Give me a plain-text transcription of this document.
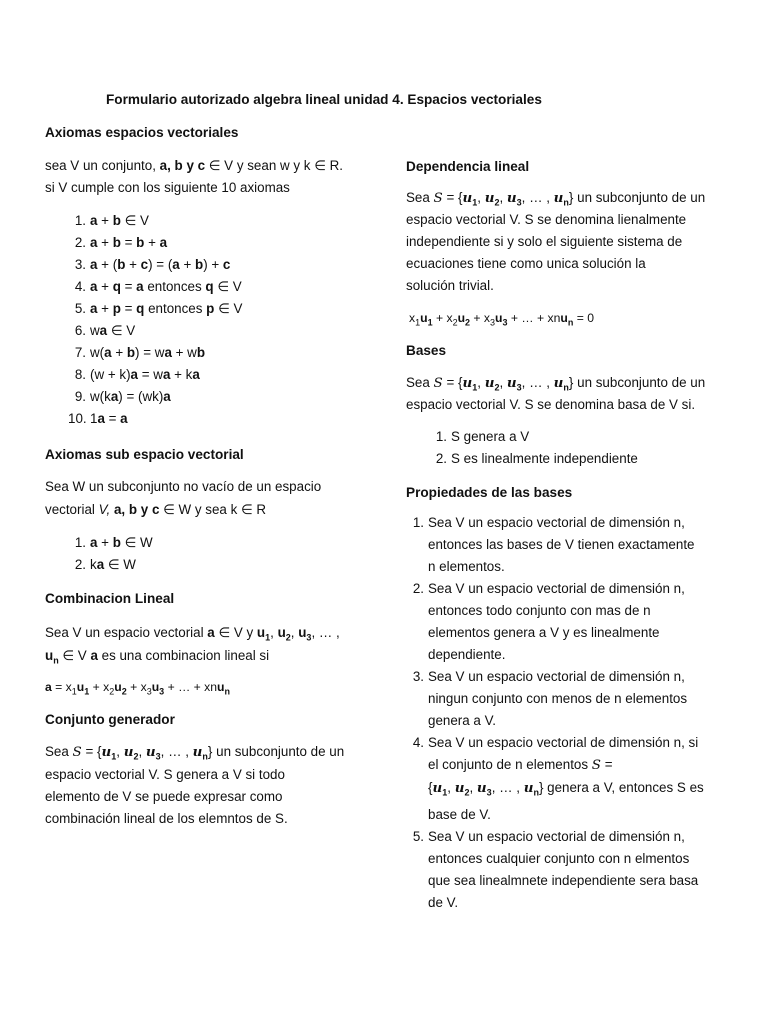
Formulario autorizado algebra lineal unidad 4. Espacios vectoriales
Axiomas espacios vectoriales
sea V un conjunto, a, b y c ∈ V y sean w y k ∈ R.
si V cumple con los siguiente 10 axiomas
1. a + b ∈ V
2. a + b = b + a
3. a + (b + c) = (a + b) + c
4. a + q = a entonces q ∈ V
5. a + p = q entonces p ∈ V
6. wa ∈ V
7. w(a + b) = wa + wb
8. (w + k)a = wa + ka
9. w(ka) = (wk)a
10. 1a = a
Axiomas sub espacio vectorial
Sea W un subconjunto no vacío de un espacio
vectorial V, a, b y c ∈ W y sea k ∈ R
1. a + b ∈ W
2. ka ∈ W
Combinacion Lineal
Sea V un espacio vectorial a ∈ V y $u_1$, $u_2$, $u_3$, … ,
$u_n$ ∈ V a es una combinacion lineal si
$a = x_1u_1 + x_2u_2 + x_3u_3$ + … + xnu$_n$
Conjunto generador
Sea $S = \{u_1$, $u_2$, $u_3$, … , $u_n$} un subconjunto de un
espacio vectorial V. S genera a V si todo
elemento de V se puede expresar como
combinación lineal de los elemntos de S.
Dependencia lineal
Sea $S = \{u_1$, $u_2$, $u_3$, … , $u_n$} un subconjunto de un
espacio vectorial V. S se denomina lienalmente
independiente si y solo el siguiente sistema de
ecuaciones tiene como unica solución la
solución trivial.
$x_1u_1 + x_2u_2 + x_3u_3$ + … + xnu$_n$ = 0
Bases
Sea $S = \{u_1$, $u_2$, $u_3$, … , $u_n$} un subconjunto de un
espacio vectorial V. S se denomina basa de V si.
1. S genera a V
2. S es linealmente independiente
Propiedades de las bases
1. Sea V un espacio vectorial de dimensión n,
entonces las bases de V tienen exactamente
n elementos.
2. Sea V un espacio vectorial de dimensión n,
entonces todo conjunto con mas de n
elementos genera a V y es linealmente
dependiente.
3. Sea V un espacio vectorial de dimensión n,
ningun conjunto con menos de n elementos
genera a V.
4. Sea V un espacio vectorial de dimensión n, si
el conjunto de n elementos S =
{$u_1$, $u_2$, $u_3$, … , $u_n$} genera a V, entonces S es
base de V.
5. Sea V un espacio vectorial de dimensión n,
entonces cualquier conjunto con n elmentos
que sea linealmnete independiente sera basa
de V.
